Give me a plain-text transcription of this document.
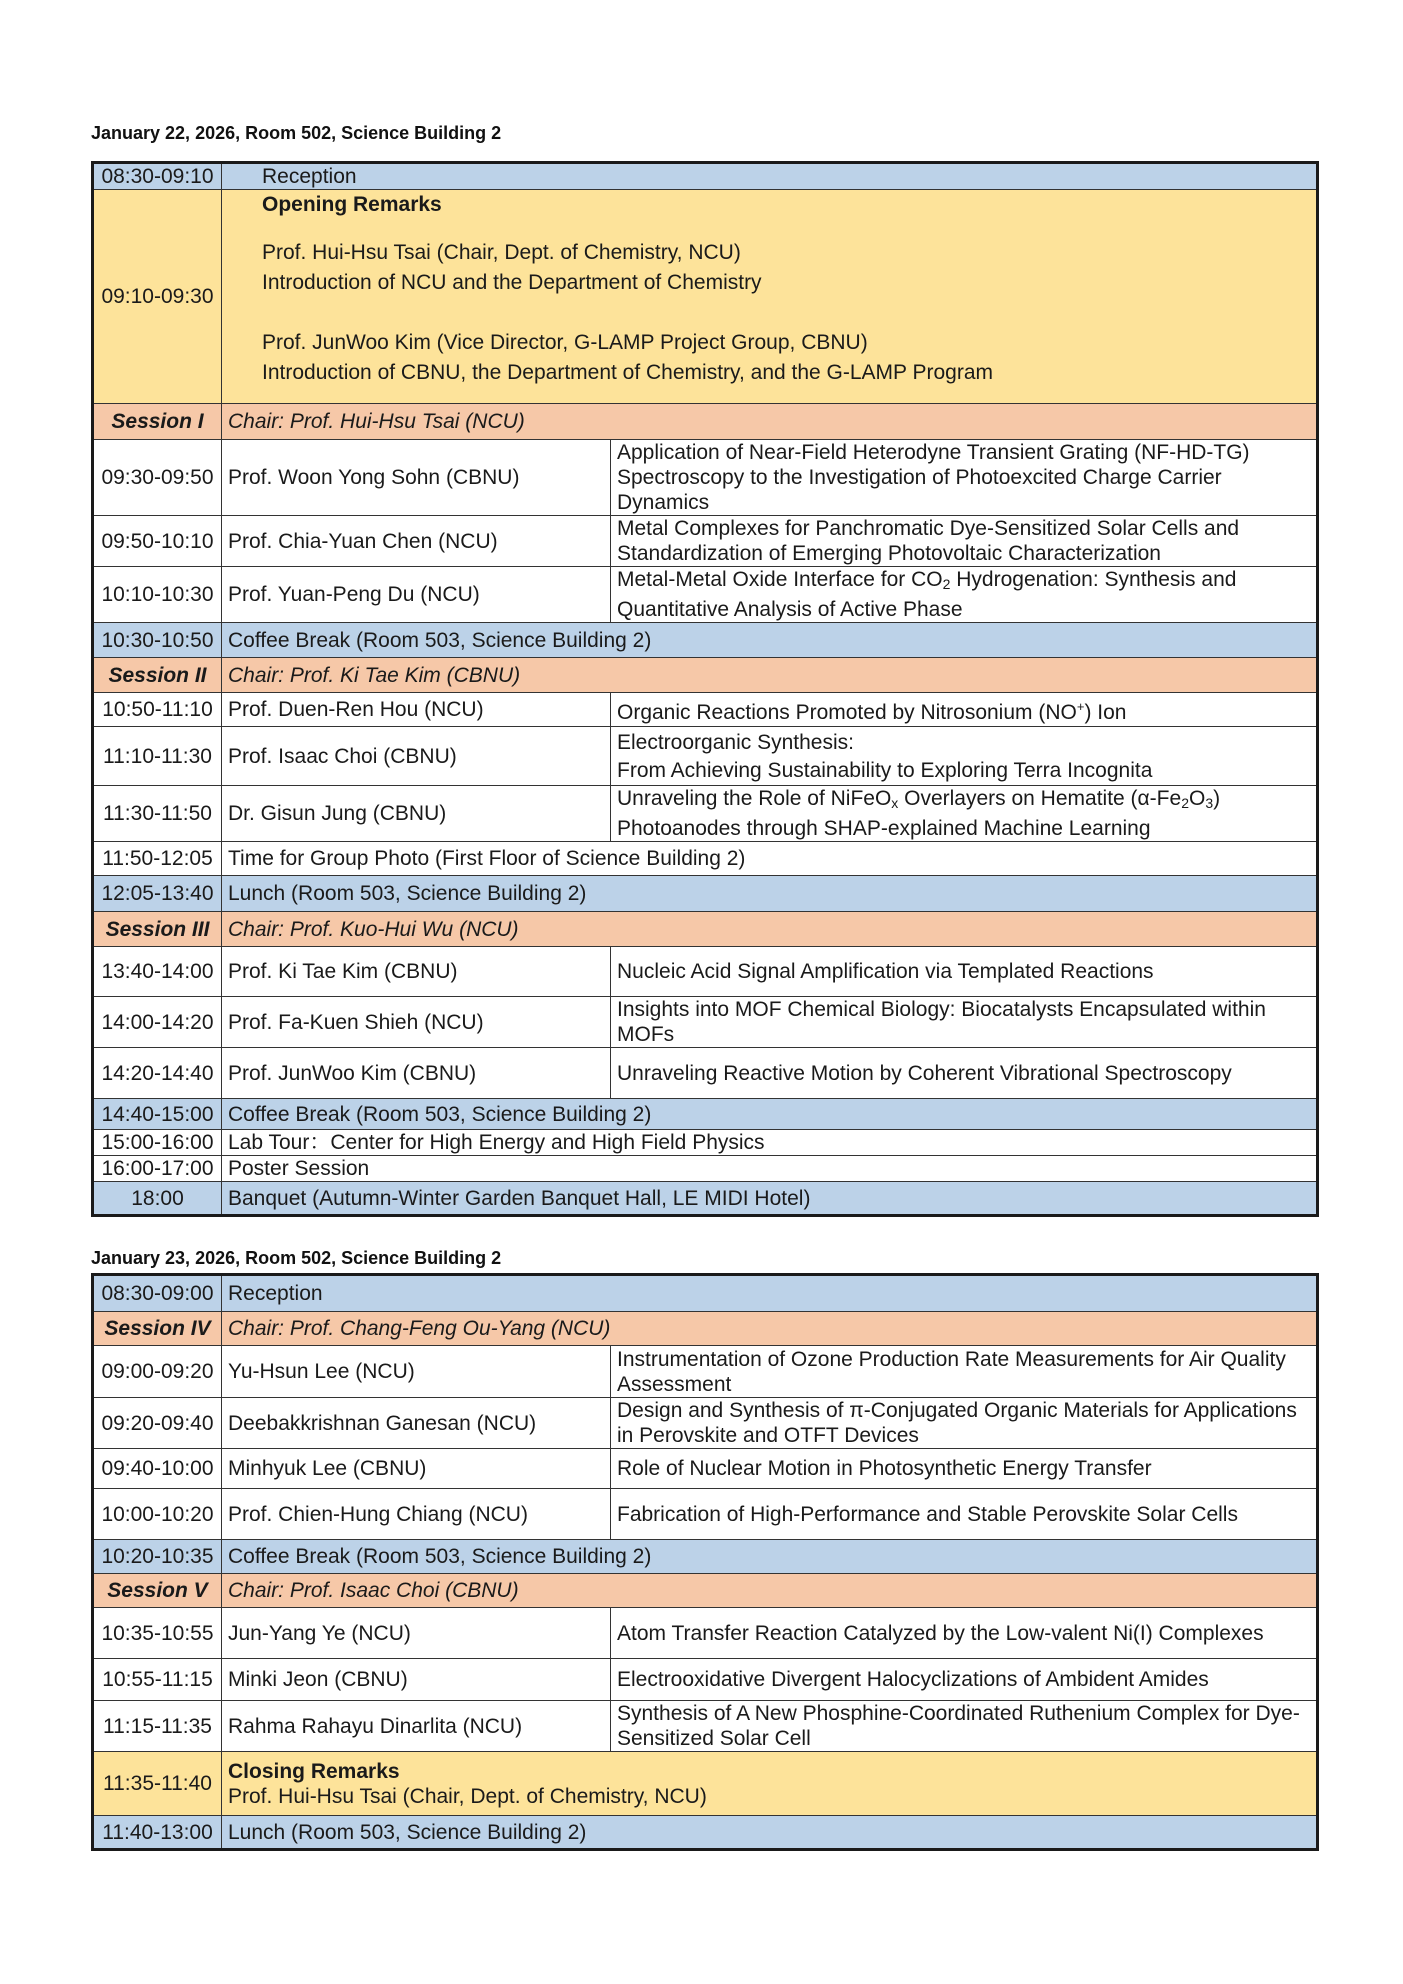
January 22, 2026, Room 502, Science Building 2
08:30-09:10	Reception	
09:10-09:30	Opening Remarks

Prof. Hui-Hsu Tsai (Chair, Dept. of Chemistry, NCU)

Introduction of NCU and the Department of Chemistry

Prof. JunWoo Kim (Vice Director, G-LAMP Project Group, CBNU)

Introduction of CBNU, the Department of Chemistry, and the G-LAMP Program	

Session I	Chair: Prof. Hui-Hsu Tsai (NCU)	
09:30-09:50	Prof. Woon Yong Sohn (CBNU)	Application of Near-Field Heterodyne Transient Grating (NF-HD-TG) Spectroscopy to the Investigation of Photoexcited Charge Carrier Dynamics
09:50-10:10	Prof. Chia-Yuan Chen (NCU)	Metal Complexes for Panchromatic Dye-Sensitized Solar Cells and Standardization of Emerging Photovoltaic Characterization
10:10-10:30	Prof. Yuan-Peng Du (NCU)	Metal-Metal Oxide Interface for $CO_2$ Hydrogenation: Synthesis and Quantitative Analysis of Active Phase
10:30-10:50	Coffee Break (Room 503, Science Building 2)	
Session II	Chair: Prof. Ki Tae Kim (CBNU)	
10:50-11:10	Prof. Duen-Ren Hou (NCU)	Organic Reactions Promoted by Nitrosonium (NO+) Ion
11:10-11:30	Prof. Isaac Choi (CBNU)	Electroorganic Synthesis:
From Achieving Sustainability to Exploring Terra Incognita

11:30-11:50	Dr. Gisun Jung (CBNU)	Unraveling the Role of NiFeO$_x$ Overlayers on Hematite $(\alpha-Fe_2O_3)$ Photoanodes through SHAP-explained Machine Learning
11:50-12:05	Time for Group Photo (First Floor of Science Building 2)	
12:05-13:40	Lunch (Room 503, Science Building 2)	
Session III	Chair: Prof. Kuo-Hui Wu (NCU)	
13:40-14:00	Prof. Ki Tae Kim (CBNU)	Nucleic Acid Signal Amplification via Templated Reactions
14:00-14:20	Prof. Fa-Kuen Shieh (NCU)	Insights into MOF Chemical Biology: Biocatalysts Encapsulated within MOFs
14:20-14:40	Prof. JunWoo Kim (CBNU)	Unraveling Reactive Motion by Coherent Vibrational Spectroscopy
14:40-15:00	Coffee Break (Room 503, Science Building 2)	
15:00-16:00	Lab Tour：Center for High Energy and High Field Physics	
16:00-17:00	Poster Session	
18:00	Banquet (Autumn-Winter Garden Banquet Hall, LE MIDI Hotel)	
January 23, 2026, Room 502, Science Building 2
08:30-09:00	Reception	
Session IV	Chair: Prof. Chang-Feng Ou-Yang (NCU)	
09:00-09:20	Yu-Hsun Lee (NCU)	Instrumentation of Ozone Production Rate Measurements for Air Quality Assessment
09:20-09:40	Deebakkrishnan Ganesan (NCU)	Design and Synthesis of π-Conjugated Organic Materials for Applications in Perovskite and OTFT Devices
09:40-10:00	Minhyuk Lee (CBNU)	Role of Nuclear Motion in Photosynthetic Energy Transfer
10:00-10:20	Prof. Chien-Hung Chiang (NCU)	Fabrication of High-Performance and Stable Perovskite Solar Cells
10:20-10:35	Coffee Break (Room 503, Science Building 2)	
Session V	Chair: Prof. Isaac Choi (CBNU)	
10:35-10:55	Jun-Yang Ye (NCU)	Atom Transfer Reaction Catalyzed by the Low-valent Ni(I) Complexes
10:55-11:15	Minki Jeon (CBNU)	Electrooxidative Divergent Halocyclizations of Ambident Amides
11:15-11:35	Rahma Rahayu Dinarlita (NCU)	Synthesis of A New Phosphine-Coordinated Ruthenium Complex for Dye-Sensitized Solar Cell
11:35-11:40	Closing Remarks
Prof. Hui-Hsu Tsai (Chair, Dept. of Chemistry, NCU)	

11:40-13:00	Lunch (Room 503, Science Building 2)	
